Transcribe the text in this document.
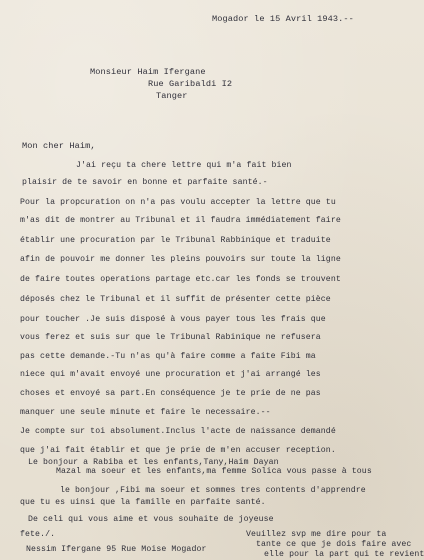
Mogador le 15 Avril 1943.--
Monsieur Haim Ifergane
Rue Garibaldi I2
Tanger
Mon cher Haim,
J'ai reçu ta chere lettre qui m'a fait bien
plaisir de te savoir en bonne et parfaite santé.-
Pour la propcuration on n'a pas voulu accepter la lettre que tu
m'as dit de montrer au Tribunal et il faudra immédiatement faire
établir une procuration par le Tribunal Rabbinique et traduite
afin de pouvoir me donner les pleins pouvoirs sur toute la ligne
de faire toutes operations partage etc.car les fonds se trouvent
déposés chez le Tribunal et il suffit de présenter cette pièce
pour toucher .Je suis disposé à vous payer tous les frais que
vous ferez et suis sur que le Tribunal Rabinique ne refusera
pas cette demande.-Tu n'as qu'à faire comme a faite Fibi ma
niece qui m'avait envoyé une procuration et j'ai arrangé les
choses et envoyé sa part.En conséquence je te prie de ne pas
manquer une seule minute et faire le necessaire.--
Je compte sur toi absolument.Inclus l'acte de naissance demandé
que j'ai fait établir et que je prie de m'en accuser reception.
Le bonjour a Rabiba et les enfants,Tany,Haim Dayan
Mazal ma soeur et les enfants,ma femme Solica vous passe à tous
le bonjour ,Fibi ma soeur et sommes tres contents d'apprendre
que tu es uinsi que la famille en parfaite santé.
De celi qui vous aime et vous souhaite de joyeuse
fete./.
Nessim Ifergane 95 Rue Moise Mogador
Veuillez svp me dire pour ta
tante ce que je dois faire avec
elle pour la part qui te revient
